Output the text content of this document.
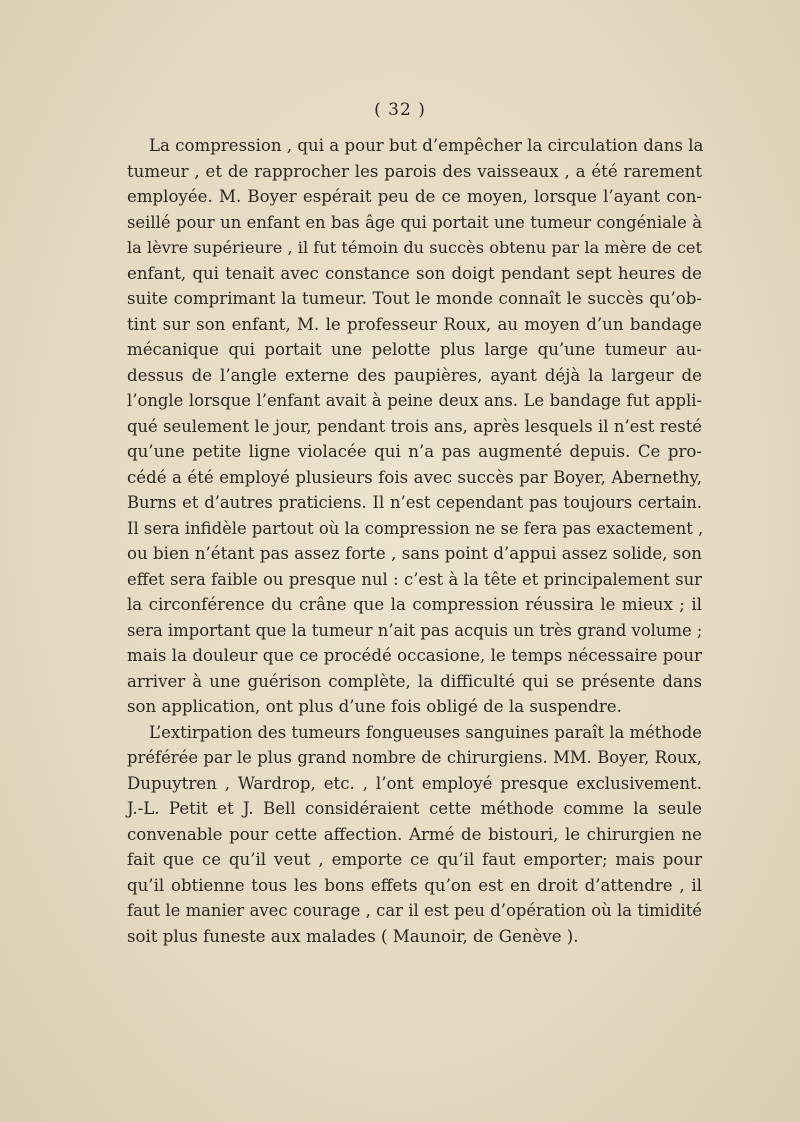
( 32 )
La compression , qui a pour but d’empêcher la circulation dans la
tumeur , et de rapprocher les parois des vaisseaux , a été rarement
employée. M. Boyer espérait peu de ce moyen, lorsque l’ayant con-
seillé pour un enfant en bas âge qui portait une tumeur congéniale à
la lèvre supérieure , il fut témoin du succès obtenu par la mère de cet
enfant, qui tenait avec constance son doigt pendant sept heures de
suite comprimant la tumeur. Tout le monde connaît le succès qu’ob-
tint sur son enfant, M. le professeur Roux, au moyen d’un bandage
mécanique qui portait une pelotte plus large qu’une tumeur au-
dessus de l’angle externe des paupières, ayant déjà la largeur de
l’ongle lorsque l’enfant avait à peine deux ans. Le bandage fut appli-
qué seulement le jour, pendant trois ans, après lesquels il n’est resté
qu’une petite ligne violacée qui n’a pas augmenté depuis. Ce pro-
cédé a été employé plusieurs fois avec succès par Boyer, Abernethy,
Burns et d’autres praticiens. Il n’est cependant pas toujours certain.
Il sera infidèle partout où la compression ne se fera pas exactement ,
ou bien n’étant pas assez forte , sans point d’appui assez solide, son
effet sera faible ou presque nul : c’est à la tête et principalement sur
la circonférence du crâne que la compression réussira le mieux ; il
sera important que la tumeur n’ait pas acquis un très grand volume ;
mais la douleur que ce procédé occasione, le temps nécessaire pour
arriver à une guérison complète, la difficulté qui se présente dans
son application, ont plus d’une fois obligé de la suspendre.
L’extirpation des tumeurs fongueuses sanguines paraît la méthode
préférée par le plus grand nombre de chirurgiens. MM. Boyer, Roux,
Dupuytren , Wardrop, etc. , l’ont employé presque exclusivement.
J.-L. Petit et J. Bell considéraient cette méthode comme la seule
convenable pour cette affection. Armé de bistouri, le chirurgien ne
fait que ce qu’il veut , emporte ce qu’il faut emporter; mais pour
qu’il obtienne tous les bons effets qu’on est en droit d’attendre , il
faut le manier avec courage , car il est peu d’opération où la timidité
soit plus funeste aux malades ( Maunoir, de Genève ).
